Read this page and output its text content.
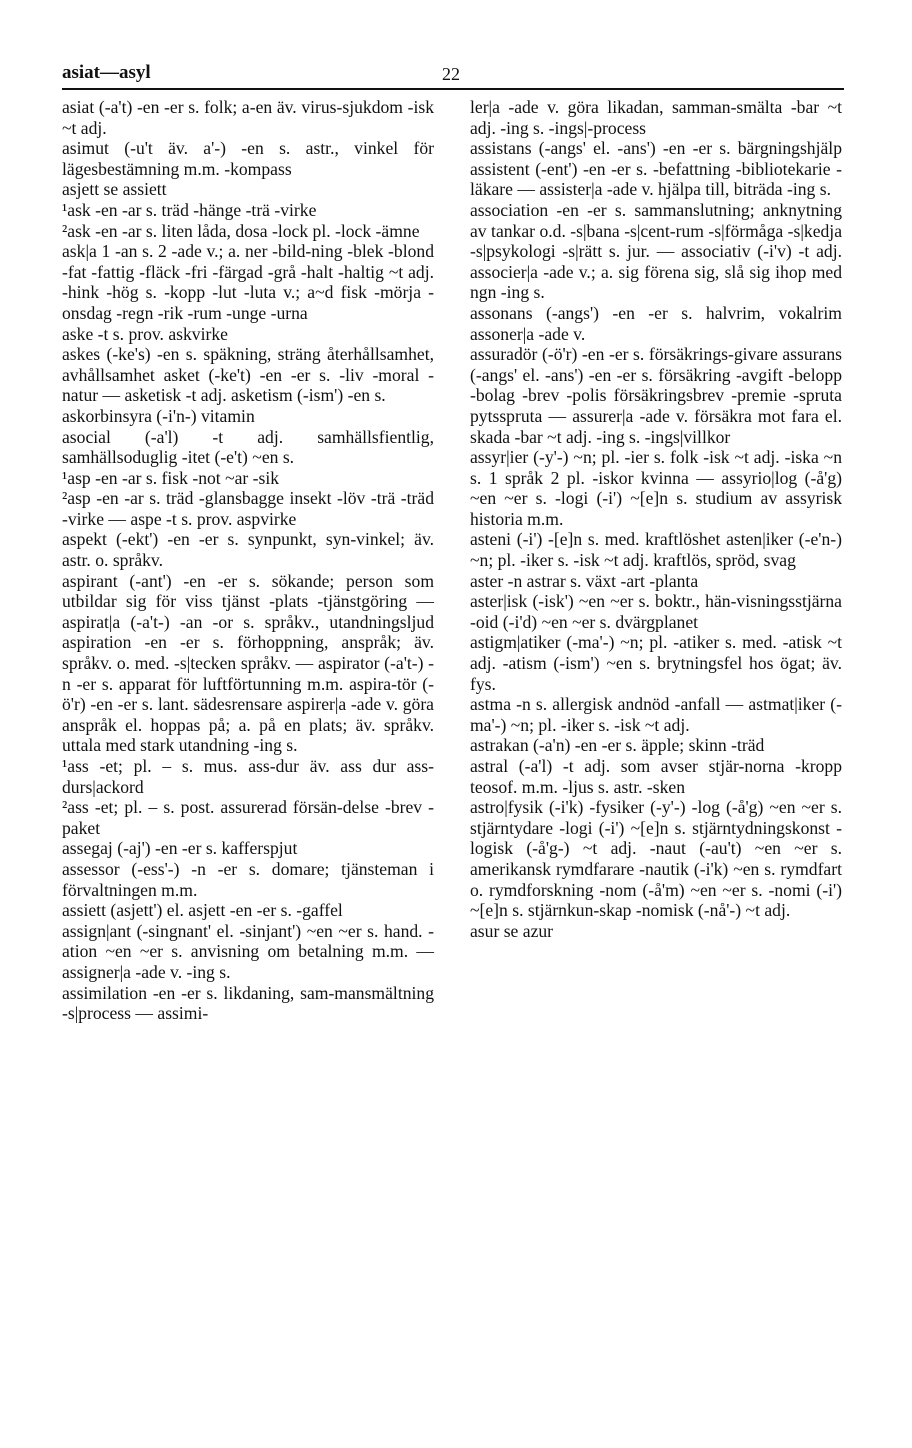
asiat—asyl	22

asiat (-a't) -en -er s. folk; a-en äv. virus-sjukdom -isk ~t adj.

asimut (-u't äv. a'-) -en s. astr., vinkel för lägesbestämning m.m. -kompass

asjett se assiett

¹ask -en -ar s. träd -hänge -trä -virke

²ask -en -ar s. liten låda, dosa -lock pl. -lock -ämne

ask|a 1 -an s. 2 -ade v.; a. ner -bild-ning -blek -blond -fat -fattig -fläck -fri -färgad -grå -halt -haltig ~t adj. -hink -hög s. -kopp -lut -luta v.; a~d fisk -mörja -onsdag -regn -rik -rum -unge -urna

aske -t s. prov. askvirke

askes (-ke's) -en s. späkning, sträng återhållsamhet, avhållsamhet asket (-ke't) -en -er s. -liv -moral -natur — asketisk -t adj. asketism (-ism') -en s.

askorbinsyra (-i'n-) vitamin

asocial (-a'l) -t adj. samhällsfientlig, samhällsoduglig -itet (-e't) ~en s.

¹asp -en -ar s. fisk -not ~ar -sik

²asp -en -ar s. träd -glansbagge insekt -löv -trä -träd -virke — aspe -t s. prov. aspvirke

aspekt (-ekt') -en -er s. synpunkt, syn-vinkel; äv. astr. o. språkv.

aspirant (-ant') -en -er s. sökande; person som utbildar sig för viss tjänst -plats -tjänstgöring — aspirat|a (-a't-) -an -or s. språkv., utandningsljud aspiration -en -er s. förhoppning, anspråk; äv. språkv. o. med. -s|tecken språkv. — aspirator (-a't-) -n -er s. apparat för luftförtunning m.m. aspira-tör (-ö'r) -en -er s. lant. sädesrensare aspirer|a -ade v. göra anspråk el. hoppas på; a. på en plats; äv. språkv. uttala med stark utandning -ing s.

¹ass -et; pl. – s. mus. ass-dur äv. ass dur ass-durs|ackord

²ass -et; pl. – s. post. assurerad försän-delse -brev -paket

assegaj (-aj') -en -er s. kafferspjut

assessor (-ess'-) -n -er s. domare; tjänsteman i förvaltningen m.m.

assiett (asjett') el. asjett -en -er s. -gaffel

assign|ant (-singnant' el. -sinjant') ~en ~er s. hand. -ation ~en ~er s. anvisning om betalning m.m. — assigner|a -ade v. -ing s.

assimilation -en -er s. likdaning, sam-mansmältning -s|process — assimi-

ler|a -ade v. göra likadan, samman-smälta -bar ~t adj. -ing s. -ings|-process

assistans (-angs' el. -ans') -en -er s. bärgningshjälp assistent (-ent') -en -er s. -befattning -bibliotekarie -läkare — assister|a -ade v. hjälpa till, biträda -ing s.

association -en -er s. sammanslutning; anknytning av tankar o.d. -s|bana -s|cent-rum -s|förmåga -s|kedja -s|psykologi -s|rätt s. jur. — associativ (-i'v) -t adj. associer|a -ade v.; a. sig förena sig, slå sig ihop med ngn -ing s.

assonans (-angs') -en -er s. halvrim, vokalrim assoner|a -ade v.

assuradör (-ö'r) -en -er s. försäkrings-givare assurans (-angs' el. -ans') -en -er s. försäkring -avgift -belopp -bolag -brev -polis försäkringsbrev -premie -spruta pytsspruta — assurer|a -ade v. försäkra mot fara el. skada -bar ~t adj. -ing s. -ings|villkor

assyr|ier (-y'-) ~n; pl. -ier s. folk -isk ~t adj. -iska ~n s. 1 språk 2 pl. -iskor kvinna — assyrio|log (-å'g) ~en ~er s. -logi (-i') ~[e]n s. studium av assyrisk historia m.m.

asteni (-i') -[e]n s. med. kraftlöshet asten|iker (-e'n-) ~n; pl. -iker s. -isk ~t adj. kraftlös, spröd, svag

aster -n astrar s. växt -art -planta

aster|isk (-isk') ~en ~er s. boktr., hän-visningsstjärna -oid (-i'd) ~en ~er s. dvärgplanet

astigm|atiker (-ma'-) ~n; pl. -atiker s. med. -atisk ~t adj. -atism (-ism') ~en s. brytningsfel hos ögat; äv. fys.

astma -n s. allergisk andnöd -anfall — astmat|iker (-ma'-) ~n; pl. -iker s. -isk ~t adj.

astrakan (-a'n) -en -er s. äpple; skinn -träd

astral (-a'l) -t adj. som avser stjär-norna -kropp teosof. m.m. -ljus s. astr. -sken

astro|fysik (-i'k) -fysiker (-y'-) -log (-å'g) ~en ~er s. stjärntydare -logi (-i') ~[e]n s. stjärntydningskonst -logisk (-å'g-) ~t adj. -naut (-au't) ~en ~er s. amerikansk rymdfarare -nautik (-i'k) ~en s. rymdfart o. rymdforskning -nom (-å'm) ~en ~er s. -nomi (-i') ~[e]n s. stjärnkun-skap -nomisk (-nå'-) ~t adj.

asur se azur
